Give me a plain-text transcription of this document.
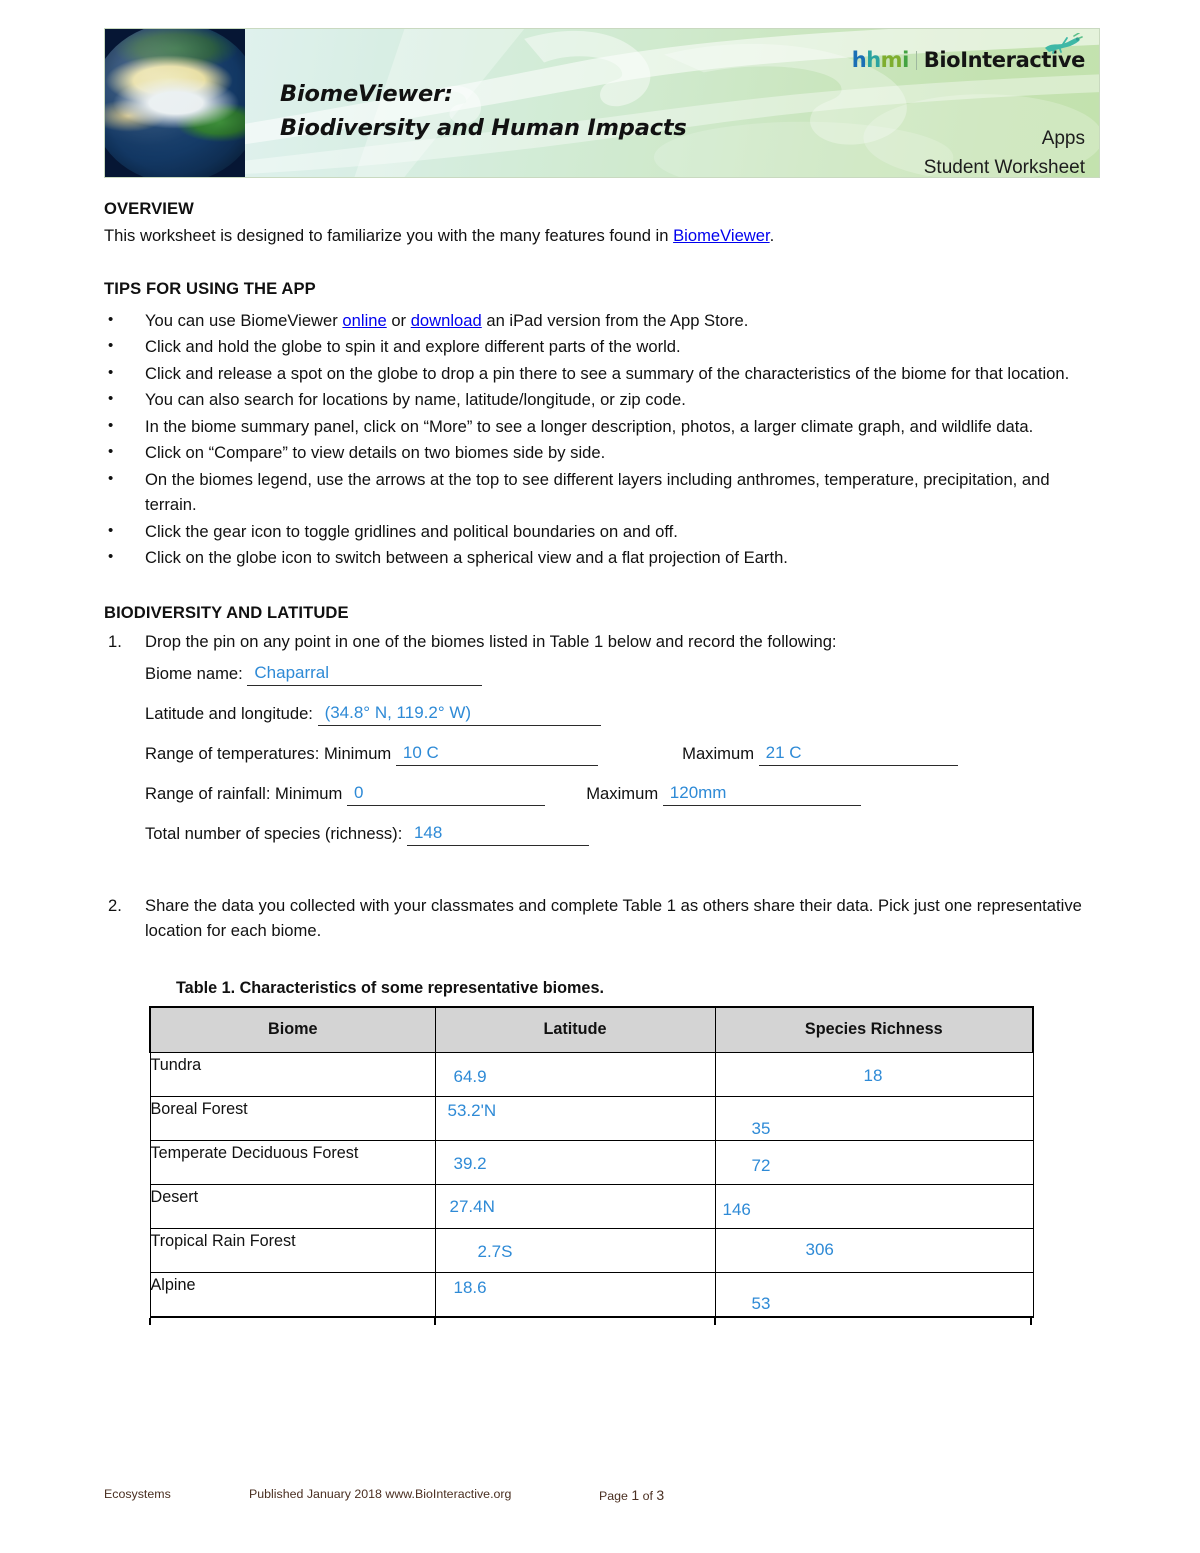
BiomeViewer:
Biodiversity and Human Impacts
hhmi BioInteractive
Apps
Student Worksheet
OVERVIEW
This worksheet is designed to familiarize you with the many features found in BiomeViewer.
TIPS FOR USING THE APP
• You can use BiomeViewer online or download an iPad version from the App Store.
• Click and hold the globe to spin it and explore different parts of the world.
• Click and release a spot on the globe to drop a pin there to see a summary of the characteristics of the biome for that location.
• You can also search for locations by name, latitude/longitude, or zip code.
• In the biome summary panel, click on “More” to see a longer description, photos, a larger climate graph, and wildlife data.
• Click on “Compare” to view details on two biomes side by side.
• On the biomes legend, use the arrows at the top to see different layers including anthromes, temperature, precipitation, and terrain.
• Click the gear icon to toggle gridlines and political boundaries on and off.
• Click on the globe icon to switch between a spherical view and a flat projection of Earth.
BIODIVERSITY AND LATITUDE
Drop the pin on any point in one of the biomes listed in Table 1 below and record the following:
Biome name: Chaparral
Latitude and longitude: (34.8° N, 119.2° W)
Range of temperatures: Minimum 10 C	Maximum 21 C
Range of rainfall: Minimum 0	Maximum 120mm
Total number of species (richness): 148
Share the data you collected with your classmates and complete Table 1 as others share their data. Pick just one representative location for each biome.
Table 1. Characteristics of some representative biomes.
Biome	Latitude	Species Richness
Tundra	64.9	18

Boreal Forest	53.2'N	35

Temperate Deciduous Forest	39.2	72

Desert	27.4N	146

Tropical Rain Forest	2.7S	306

Alpine	18.6	53
Ecosystems	Published January 2018 www.BioInteractive.org	Page 1 of 3
